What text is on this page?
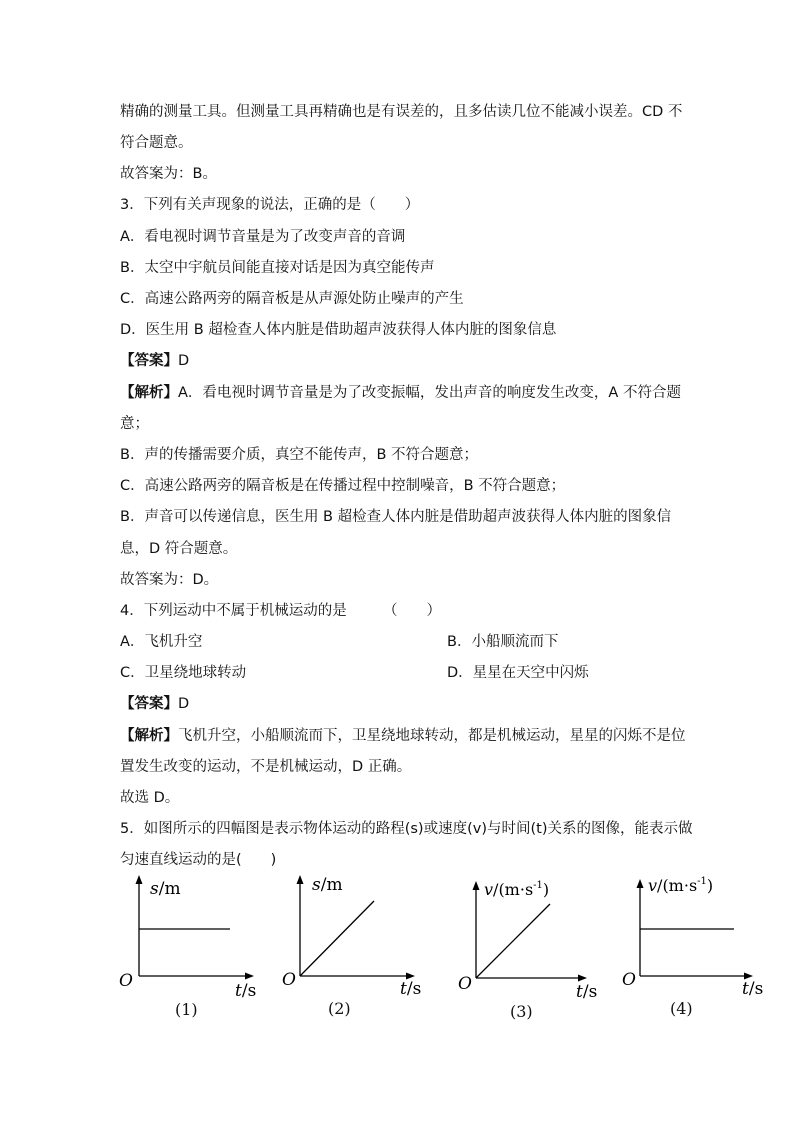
精确的测量工具。但测量工具再精确也是有误差的，且多估读几位不能减小误差。CD 不
符合题意。
故答案为：B。
3．下列有关声现象的说法，正确的是（　　）
A．看电视时调节音量是为了改变声音的音调
B．太空中宇航员间能直接对话是因为真空能传声
C．高速公路两旁的隔音板是从声源处防止噪声的产生
D．医生用 B 超检查人体内脏是借助超声波获得人体内脏的图象信息
【答案】D
【解析】A．看电视时调节音量是为了改变振幅，发出声音的响度发生改变，A 不符合题
意；
B．声的传播需要介质，真空不能传声，B 不符合题意；
C．高速公路两旁的隔音板是在传播过程中控制噪音，B 不符合题意；
B．声音可以传递信息，医生用 B 超检查人体内脏是借助超声波获得人体内脏的图象信
息，D 符合题意。
故答案为：D。
4．下列运动中不属于机械运动的是　　　（　　）
A．飞机升空	B．小船顺流而下
C．卫星绕地球转动	D．星星在天空中闪烁
【答案】D
【解析】飞机升空，小船顺流而下，卫星绕地球转动，都是机械运动，星星的闪烁不是位
置发生改变的运动，不是机械运动，D 正确。
故选 D。
5．如图所示的四幅图是表示物体运动的路程(s)或速度(v)与时间(t)关系的图像，能表示做
匀速直线运动的是(　　)
s/m
O	t/s
(1)
s/m
O	t/s
(2)
$v/(m\cdot s^{-1})$
O	t/s
(3)
$v/(m\cdot s^{-1})$
O	t/s
(4)
